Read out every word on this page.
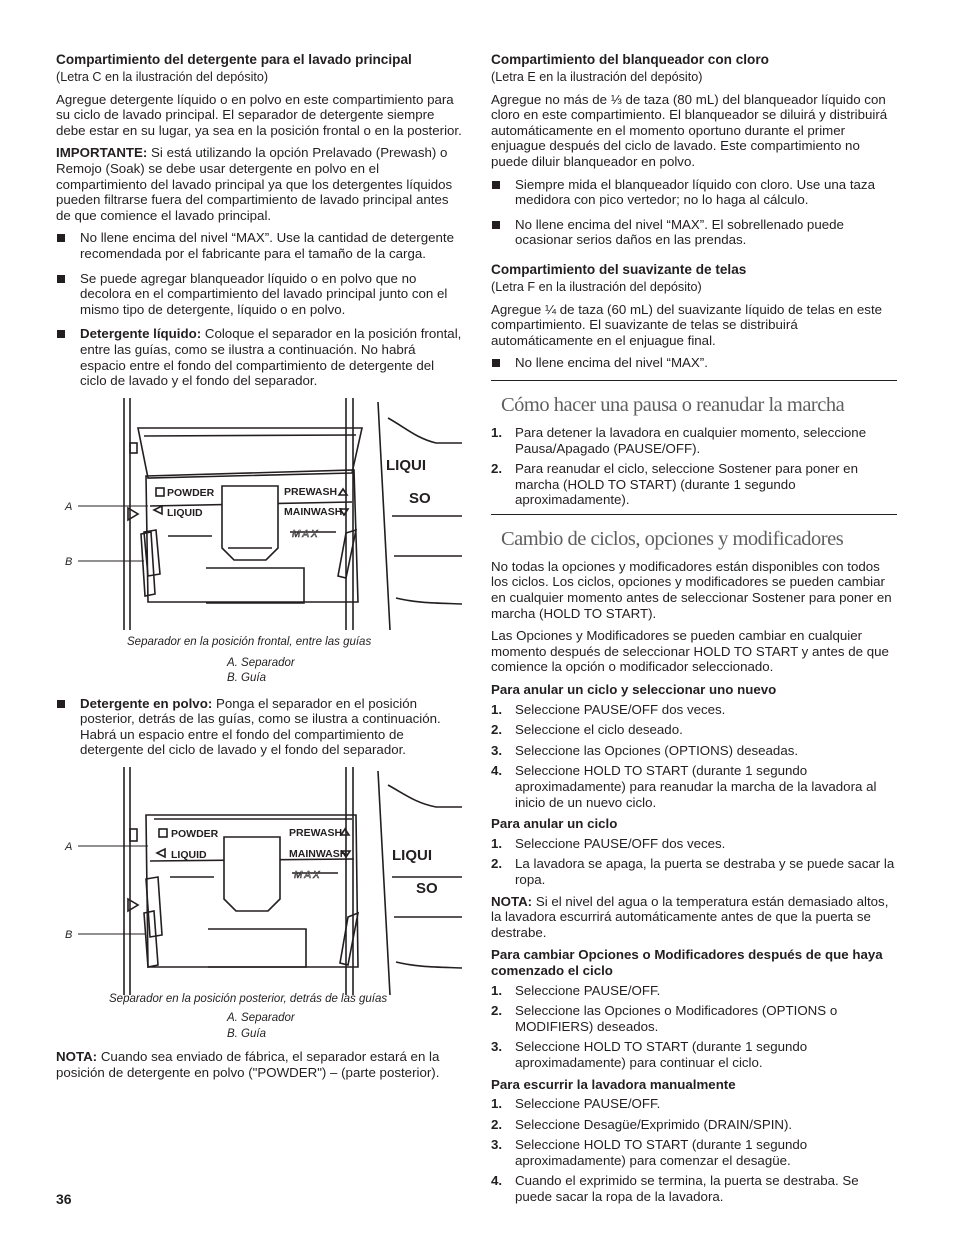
Compartimiento del detergente para el lavado principal

(Letra C en la ilustración del depósito)

Agregue detergente líquido o en polvo en este compartimiento para su ciclo de lavado principal. El separador de detergente siempre debe estar en su lugar, ya sea en la posición frontal o en la posterior.

IMPORTANTE: Si está utilizando la opción Prelavado (Prewash) o Remojo (Soak) se debe usar detergente en polvo en el compartimiento del lavado principal ya que los detergentes líquidos pueden filtrarse fuera del compartimiento de lavado principal antes de que comience el lavado principal.

No llene encima del nivel “MAX”. Use la cantidad de detergente recomendada por el fabricante para el tamaño de la carga.
Se puede agregar blanqueador líquido o en polvo que no decolora en el compartimiento del lavado principal junto con el mismo tipo de detergente, líquido o en polvo.
Detergente líquido: Coloque el separador en la posición frontal, entre las guías, como se ilustra a continuación. No habrá espacio entre el fondo del compartimiento de detergente del ciclo de lavado y el fondo del separador.
POWDER
LIQUID
PREWASH
MAINWASH
MAX
LIQUI
SO
A
B
Separador en la posición frontal, entre las guías
A. Separador
B. Guía
Detergente en polvo: Ponga el separador en el posición posterior, detrás de las guías, como se ilustra a continuación. Habrá un espacio entre el fondo del compartimiento de detergente del ciclo de lavado y el fondo del separador.
POWDER
LIQUID
PREWASH
MAINWASH
MAX
LIQUI
SO
A
B
Separador en la posición posterior, detrás de las guías
A. Separador
B. Guía

NOTA: Cuando sea enviado de fábrica, el separador estará en la posición de detergente en polvo ("POWDER") – (parte posterior).

Compartimiento del blanqueador con cloro

(Letra E en la ilustración del depósito)

Agregue no más de ⅓ de taza (80 mL) del blanqueador líquido con cloro en este compartimiento. El blanqueador se diluirá y distribuirá automáticamente en el momento oportuno durante el primer enjuague después del ciclo de lavado. Este compartimiento no puede diluir blanqueador en polvo.

Siempre mida el blanqueador líquido con cloro. Use una taza medidora con pico vertedor; no lo haga al cálculo.
No llene encima del nivel “MAX”. El sobrellenado puede ocasionar serios daños en las prendas.
Compartimiento del suavizante de telas

(Letra F en la ilustración del depósito)

Agregue ¼ de taza (60 mL) del suavizante líquido de telas en este compartimiento. El suavizante de telas se distribuirá automáticamente en el enjuague final.

No llene encima del nivel “MAX”.
Cómo hacer una pausa o reanudar la marcha
1. Para detener la lavadora en cualquier momento, seleccione Pausa/Apagado (PAUSE/OFF).
2. Para reanudar el ciclo, seleccione Sostener para poner en marcha (HOLD TO START) (durante 1 segundo aproximadamente).
Cambio de ciclos, opciones y modificadores

No todas la opciones y modificadores están disponibles con todos los ciclos. Los ciclos, opciones y modificadores se pueden cambiar en cualquier momento antes de seleccionar Sostener para poner en marcha (HOLD TO START).

Las Opciones y Modificadores se pueden cambiar en cualquier momento después de seleccionar HOLD TO START y antes de que comience la opción o modificador seleccionado.

Para anular un ciclo y seleccionar uno nuevo

1. Seleccione PAUSE/OFF dos veces.
2. Seleccione el ciclo deseado.
3. Seleccione las Opciones (OPTIONS) deseadas.
4. Seleccione HOLD TO START (durante 1 segundo aproximadamente) para reanudar la marcha de la lavadora al inicio de un nuevo ciclo.

Para anular un ciclo

1. Seleccione PAUSE/OFF dos veces.
2. La lavadora se apaga, la puerta se destraba y se puede sacar la ropa.

NOTA: Si el nivel del agua o la temperatura están demasiado altos, la lavadora escurrirá automáticamente antes de que la puerta se destrabe.

Para cambiar Opciones o Modificadores después de que haya comenzado el ciclo

1. Seleccione PAUSE/OFF.
2. Seleccione las Opciones o Modificadores (OPTIONS o MODIFIERS) deseados.
3. Seleccione HOLD TO START (durante 1 segundo aproximadamente) para continuar el ciclo.

Para escurrir la lavadora manualmente

1. Seleccione PAUSE/OFF.
2. Seleccione Desagüe/Exprimido (DRAIN/SPIN).
3. Seleccione HOLD TO START (durante 1 segundo aproximadamente) para comenzar el desagüe.
4. Cuando el exprimido se termina, la puerta se destraba. Se puede sacar la ropa de la lavadora.
36
